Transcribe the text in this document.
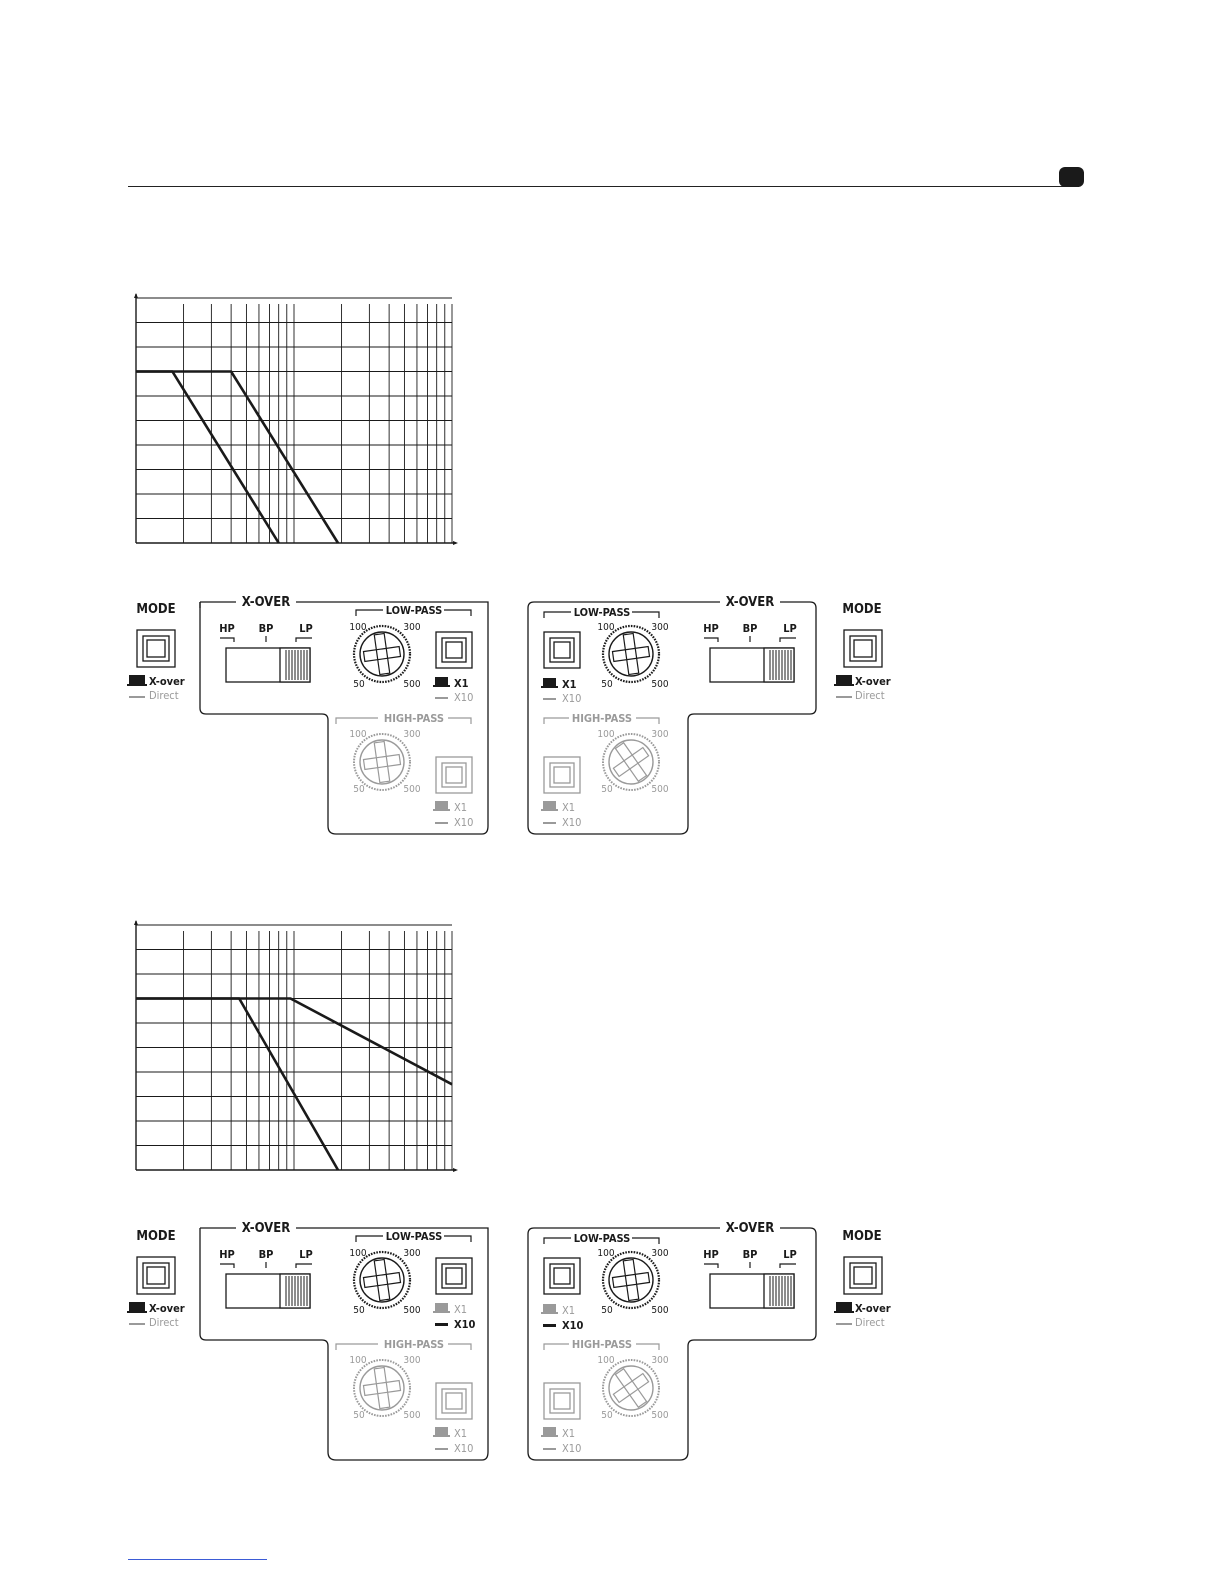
MODE
X-over
Direct
X-OVER
HP BP LP
LOW-PASS
100	300
50	500	X1
X10
HIGH-PASS
100	300
50	500
X1
X10
X-OVER
LOW-PASS
X1
X10
100	300
50	500
HP BP LP
HIGH-PASS
X1
X10
100	300
50	500
MODE
X-over
Direct
MODE
X-over
Direct
X-OVER
HP BP LP
LOW-PASS
100	300
50	500	X1
X10
HIGH-PASS
100	300
50	500
X1
X10
X-OVER
LOW-PASS
X1
X10
100	300
50	500
HP BP LP
HIGH-PASS
X1
X10
100	300
50	500
MODE
X-over
Direct
